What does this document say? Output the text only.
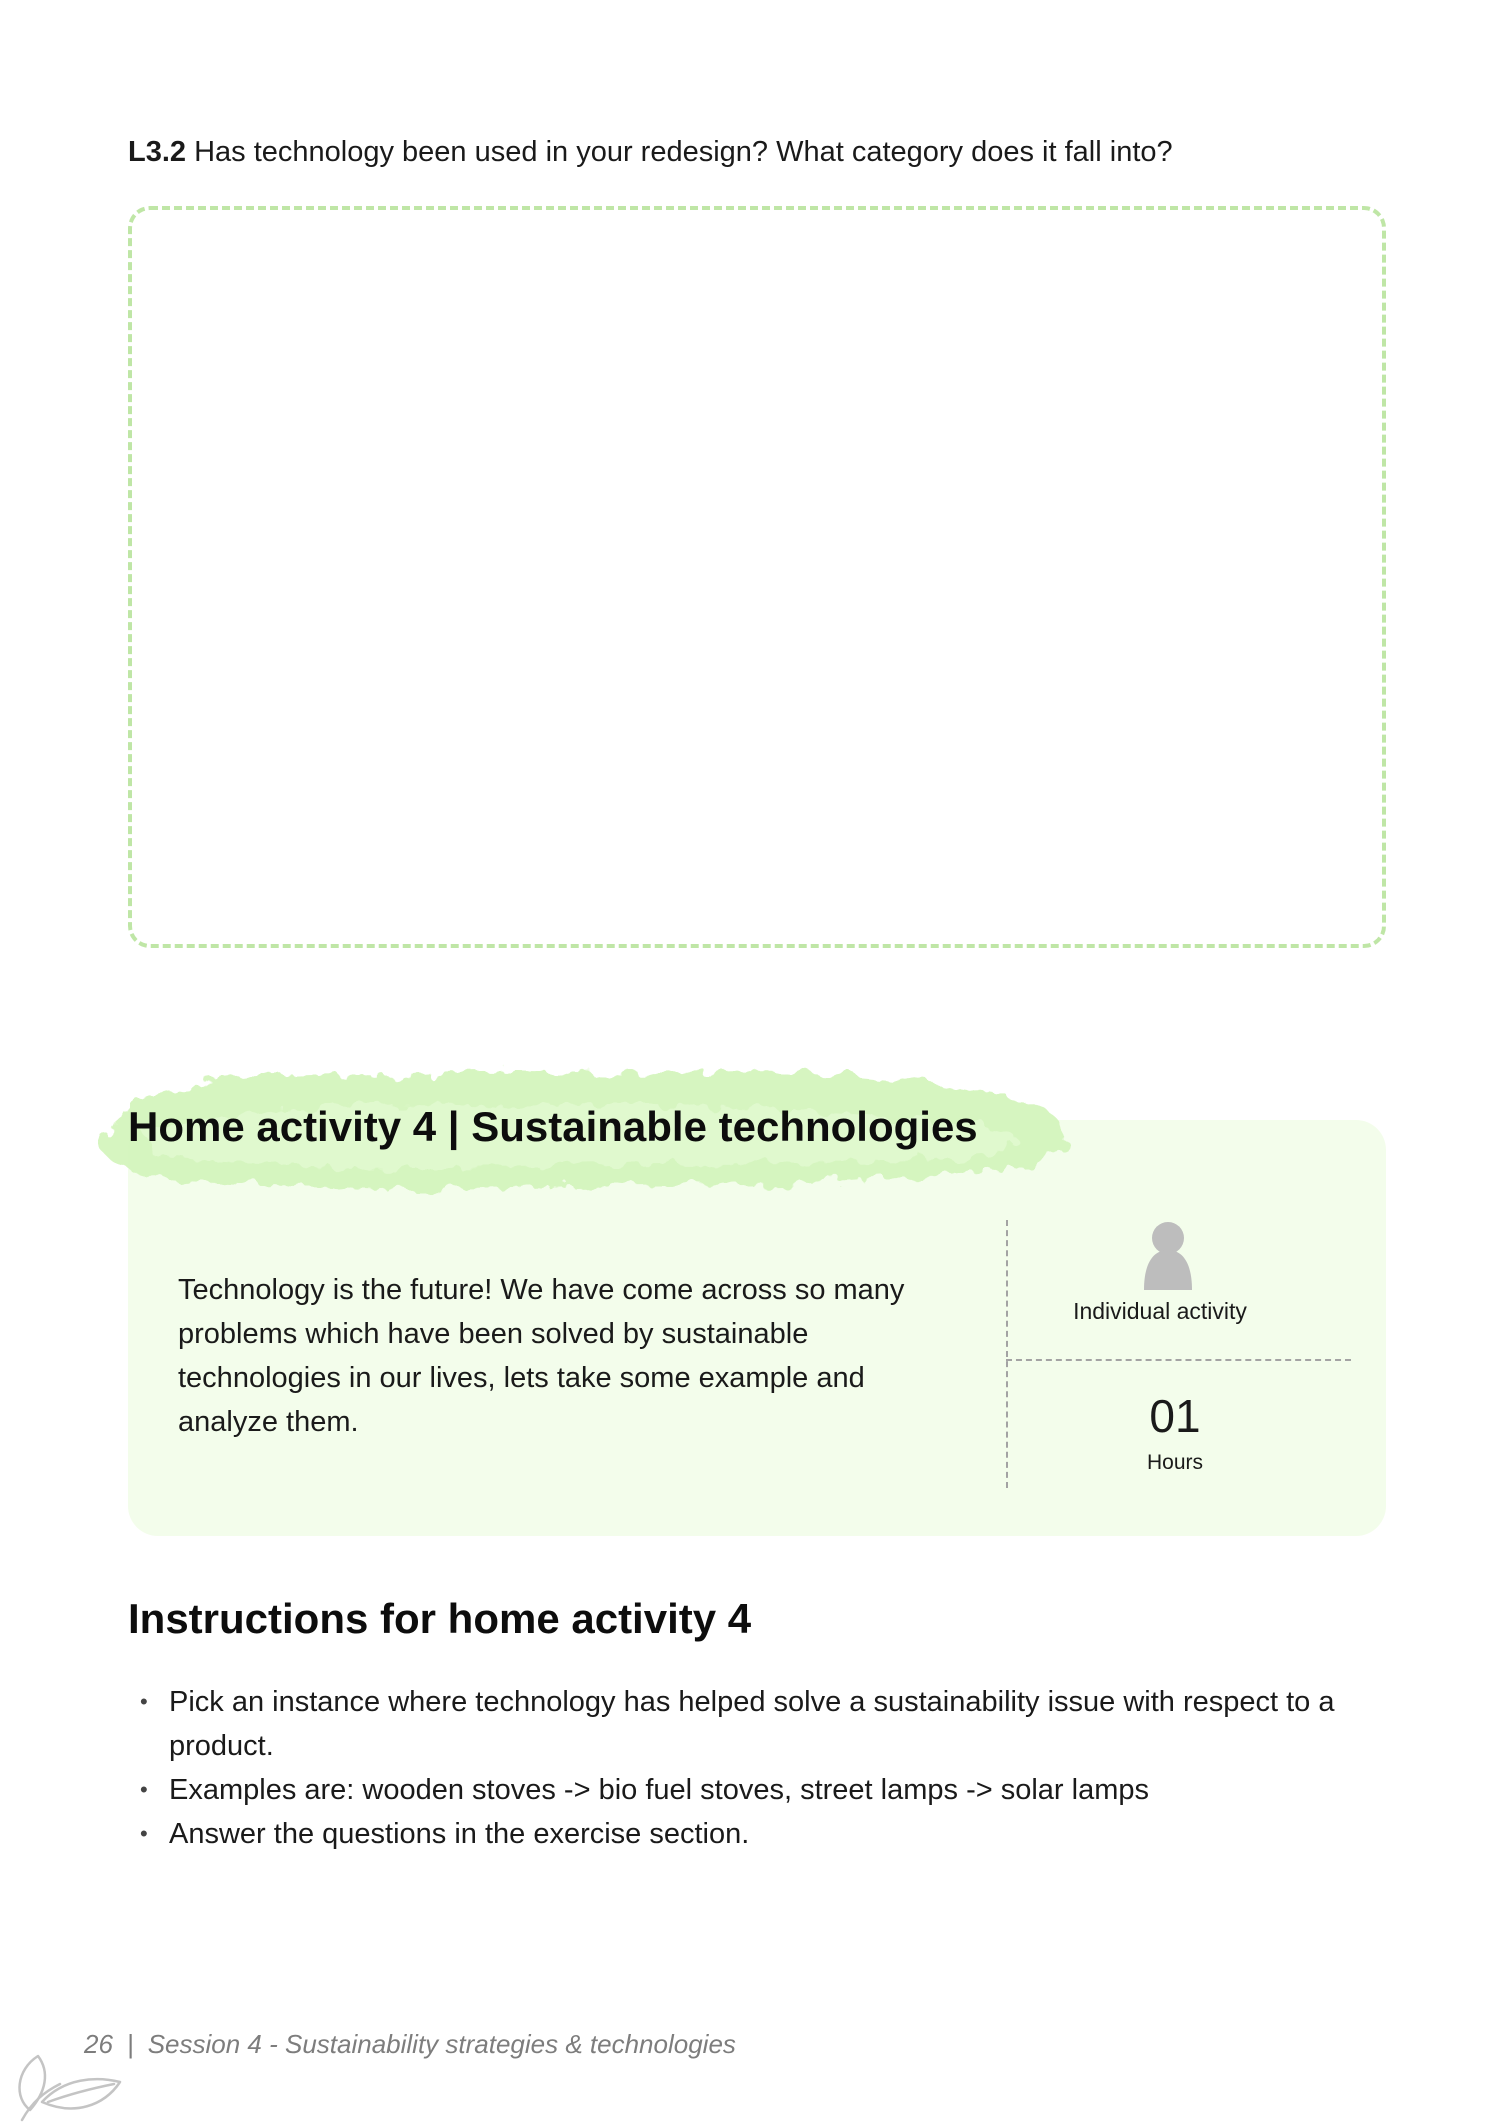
L3.2 Has technology been used in your redesign? What category does it fall into?

Home activity 4 | Sustainable technologies

Technology is the future! We have come across so many problems which have been solved by sustainable technologies in our lives, lets take some example and analyze them.

Individual activity
01
Hours
Instructions for home activity 4
• Pick an instance where technology has helped solve a sustainability issue with respect to a product.
• Examples are: wooden stoves -> bio fuel stoves, street lamps -> solar lamps
• Answer the questions in the exercise section.
26 | Session 4 - Sustainability strategies & technologies
